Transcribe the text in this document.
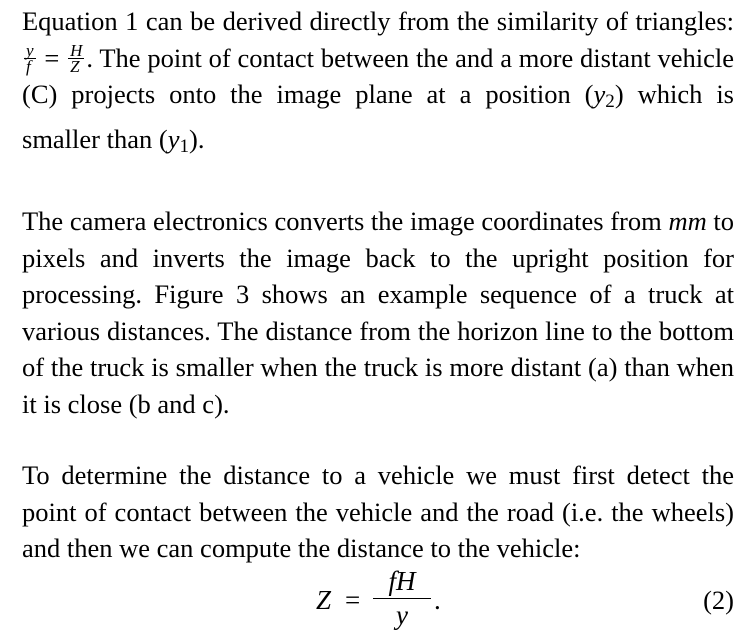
Equation 1 can be derived directly from the similarity of triangles:
$\frac{y}{f} = \frac{H}{Z}$ . The point of contact between the and a more distant vehicle (C) projects onto the image plane at a position $(y_2)$ which is smaller than $(y_1)$.

The camera electronics converts the image coordinates from mm to pixels and inverts the image back to the upright position for processing. Figure 3 shows an example sequence of a truck at various distances. The distance from the horizon line to the bottom of the truck is smaller when the truck is more distant (a) than when it is close (b and c).

To determine the distance to a vehicle we must first detect the point of contact between the vehicle and the road (i.e. the wheels) and then we can compute the distance to the vehicle:

$Z = \frac{fH}{y}$ .	(2)
